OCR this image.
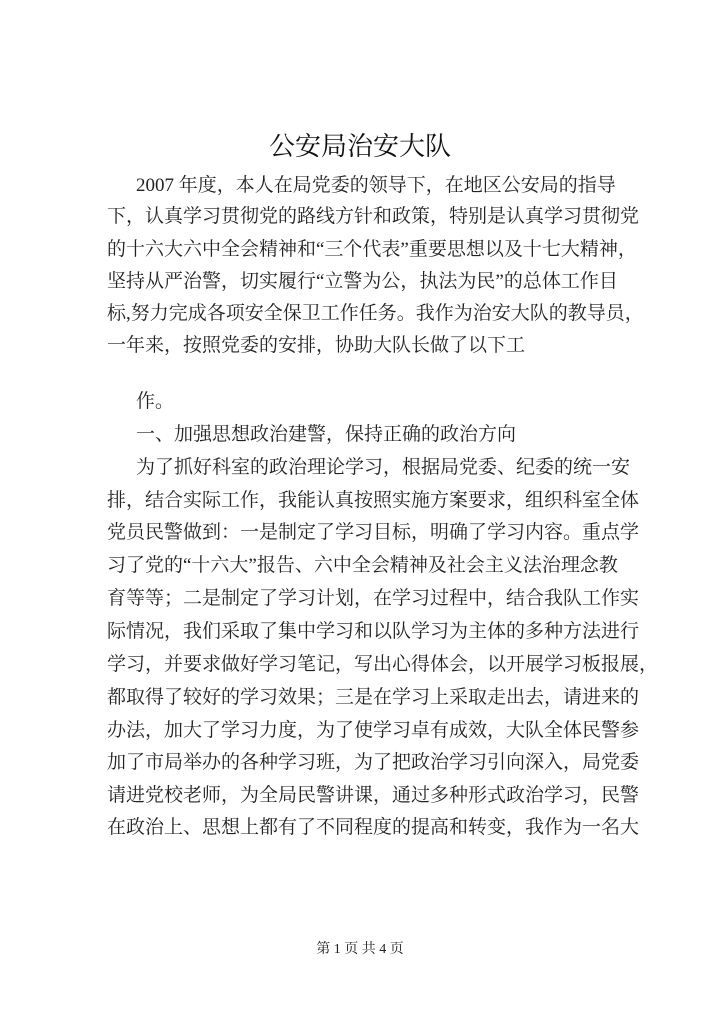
公安局治安大队
2007 年度，本人在局党委的领导下，在地区公安局的指导
下，认真学习贯彻党的路线方针和政策，特别是认真学习贯彻党
的十六大六中全会精神和“三个代表”重要思想以及十七大精神，
坚持从严治警，切实履行“立警为公，执法为民”的总体工作目
标,努力完成各项安全保卫工作任务。我作为治安大队的教导员，
一年来，按照党委的安排，协助大队长做了以下工
作。
一、加强思想政治建警，保持正确的政治方向
为了抓好科室的政治理论学习，根据局党委、纪委的统一安
排，结合实际工作，我能认真按照实施方案要求，组织科室全体
党员民警做到：一是制定了学习目标，明确了学习内容。重点学
习了党的“十六大”报告、六中全会精神及社会主义法治理念教
育等等；二是制定了学习计划，在学习过程中，结合我队工作实
际情况，我们采取了集中学习和以队学习为主体的多种方法进行
学习，并要求做好学习笔记，写出心得体会，以开展学习板报展，
都取得了较好的学习效果；三是在学习上采取走出去，请进来的
办法，加大了学习力度，为了使学习卓有成效，大队全体民警参
加了市局举办的各种学习班，为了把政治学习引向深入，局党委
请进党校老师，为全局民警讲课，通过多种形式政治学习，民警
在政治上、思想上都有了不同程度的提高和转变，我作为一名大
第 1 页 共 4 页
